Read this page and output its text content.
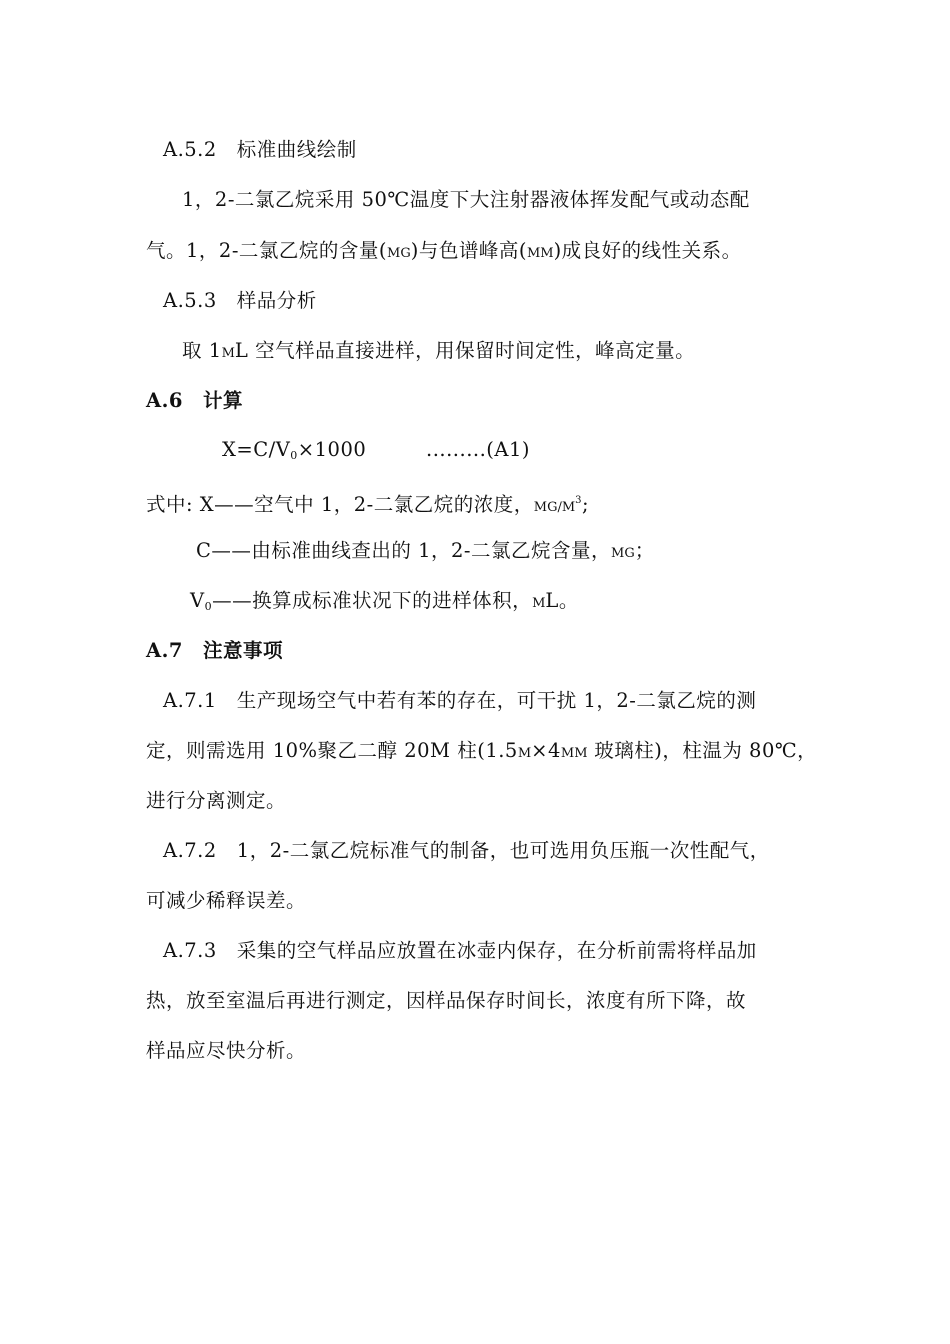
A.5.2　标准曲线绘制
1，2-二氯乙烷采用 50℃温度下大注射器液体挥发配气或动态配
气。1，2-二氯乙烷的含量(MG)与色谱峰高(MM)成良好的线性关系。
A.5.3　样品分析
取 1ML 空气样品直接进样，用保留时间定性，峰高定量。
A.6　计算
$X=C/V_0\times 1000$	.........(A1)
式中: X——空气中 1，2-二氯乙烷的浓度，$MG/M^3$;
C——由标准曲线查出的 1，2-二氯乙烷含量，MG；
$V_0——$换算成标准状况下的进样体积，ML。
A.7　注意事项
A.7.1　生产现场空气中若有苯的存在，可干扰 1，2-二氯乙烷的测
定，则需选用 10%聚乙二醇 20M 柱(1.5M×4MM 玻璃柱)，柱温为 80℃，
进行分离测定。
A.7.2　1，2-二氯乙烷标准气的制备，也可选用负压瓶一次性配气，
可减少稀释误差。
A.7.3　采集的空气样品应放置在冰壶内保存，在分析前需将样品加
热，放至室温后再进行测定，因样品保存时间长，浓度有所下降，故
样品应尽快分析。
